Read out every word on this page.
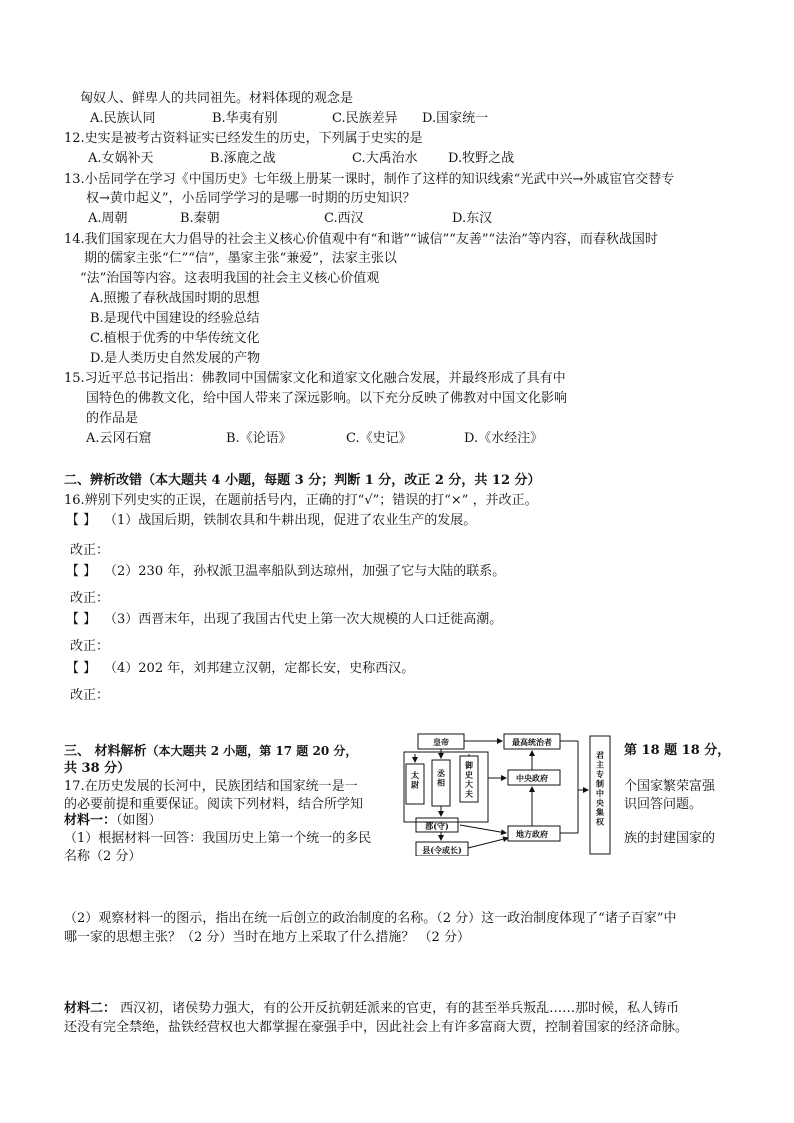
匈奴人、鲜卑人的共同祖先。材料体现的观念是
A.民族认同	B.华夷有别	C.民族差异 D.国家统一
12.史实是被考古资料证实已经发生的历史，下列属于史实的是
A.女娲补天	B.涿鹿之战	C.大禹治水 D.牧野之战
13.小岳同学在学习《中国历史》七年级上册某一课时，制作了这样的知识线索“光武中兴→外戚宦官交替专
权→黄巾起义”，小岳同学学习的是哪一时期的历史知识？
A.周朝	B.秦朝	C.西汉	D.东汉
14.我们国家现在大力倡导的社会主义核心价值观中有“和谐”“诚信”“友善”“法治”等内容，而春秋战国时
期的儒家主张“仁”“信”，墨家主张“兼爱”，法家主张以
“法”治国等内容。这表明我国的社会主义核心价值观
A.照搬了春秋战国时期的思想
B.是现代中国建设的经验总结
C.植根于优秀的中华传统文化
D.是人类历史自然发展的产物
15.习近平总书记指出：佛教同中国儒家文化和道家文化融合发展，并最终形成了具有中
国特色的佛教文化，给中国人带来了深远影响。以下充分反映了佛教对中国文化影响
的作品是
A.云冈石窟	B.《论语》	C.《史记》	D.《水经注》
二、辨析改错（本大题共 4 小题，每题 3 分；判断 1 分，改正 2 分，共 12 分）
16.辨别下列史实的正误，在题前括号内，正确的打“√”；错误的打“×” ，并改正。
【 】 （1）战国后期，铁制农具和牛耕出现，促进了农业生产的发展。
改正：
【 】 （2）230 年，孙权派卫温率船队到达琼州，加强了它与大陆的联系。
改正：
【 】 （3）西晋末年，出现了我国古代史上第一次大规模的人口迁徙高潮。
改正：
【 】 （4）202 年，刘邦建立汉朝，定都长安，史称西汉。
改正：
三、 材料解析（本大题共 2 小题，第 17 题 20 分，	第 18 题 18 分，
共 38 分）
17.在历史发展的长河中，民族团结和国家统一是一	个国家繁荣富强
的必要前提和重要保证。阅读下列材料，结合所学知	识回答问题。
材料一：（如图）
（1）根据材料一回答：我国历史上第一个统一的多民	族的封建国家的
名称（2 分）
皇帝	最高统治者
中央政府
郡(守)
地方政府
县(令或长)
太尉
丞相
御史大夫
君主专制中央集权
（2）观察材料一的图示，指出在统一后创立的政治制度的名称。（2 分）这一政治制度体现了“诸子百家”中
哪一家的思想主张？（2 分）当时在地方上采取了什么措施？ （2 分）
材料二： 西汉初，诸侯势力强大，有的公开反抗朝廷派来的官吏，有的甚至举兵叛乱……那时候，私人铸币
还没有完全禁绝，盐铁经营权也大都掌握在豪强手中，因此社会上有许多富商大贾，控制着国家的经济命脉。
